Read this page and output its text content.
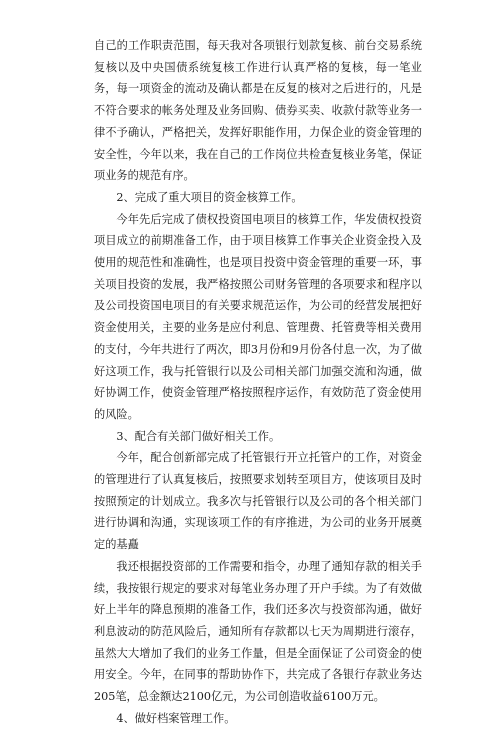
自己的工作职责范围，每天我对各项银行划款复核、前台交易系统复核以及中央国债系统复核工作进行认真严格的复核，每一笔业务，每一项资金的流动及确认都是在反复的核对之后进行的，凡是不符合要求的帐务处理及业务回购、债券买卖、收款付款等业务一律不予确认，严格把关，发挥好职能作用，力保企业的资金管理的安全性，今年以来，我在自己的工作岗位共检查复核业务笔，保证项业务的规范有序。

2、完成了重大项目的资金核算工作。

今年先后完成了债权投资国电项目的核算工作，华发债权投资项目成立的前期准备工作，由于项目核算工作事关企业资金投入及使用的规范性和准确性，也是项目投资中资金管理的重要一环，事关项目投资的发展，我严格按照公司财务管理的各项要求和程序以及公司投资国电项目的有关要求规范运作，为公司的经营发展把好资金使用关，主要的业务是应付利息、管理费、托管费等相关费用的支付，今年共进行了两次，即3月份和9月份各付息一次，为了做好这项工作，我与托管银行以及公司相关部门加强交流和沟通，做好协调工作，使资金管理严格按照程序运作，有效防范了资金使用的风险。

3、配合有关部门做好相关工作。

今年，配合创新部完成了托管银行开立托管户的工作，对资金的管理进行了认真复核后，按照要求划转至项目方，使该项目及时按照预定的计划成立。我多次与托管银行以及公司的各个相关部门进行协调和沟通，实现该项工作的有序推进，为公司的业务开展奠定的基矗

我还根据投资部的工作需要和指令，办理了通知存款的相关手续，我按银行规定的要求对每笔业务办理了开户手续。为了有效做好上半年的降息预期的准备工作，我们还多次与投资部沟通，做好利息波动的防范风险后，通知所有存款都以七天为周期进行滚存，虽然大大增加了我们的业务工作量，但是全面保证了公司资金的使用安全。今年，在同事的帮助协作下，共完成了各银行存款业务达205笔，总金额达2100亿元，为公司创造收益6100万元。

4、做好档案管理工作。
